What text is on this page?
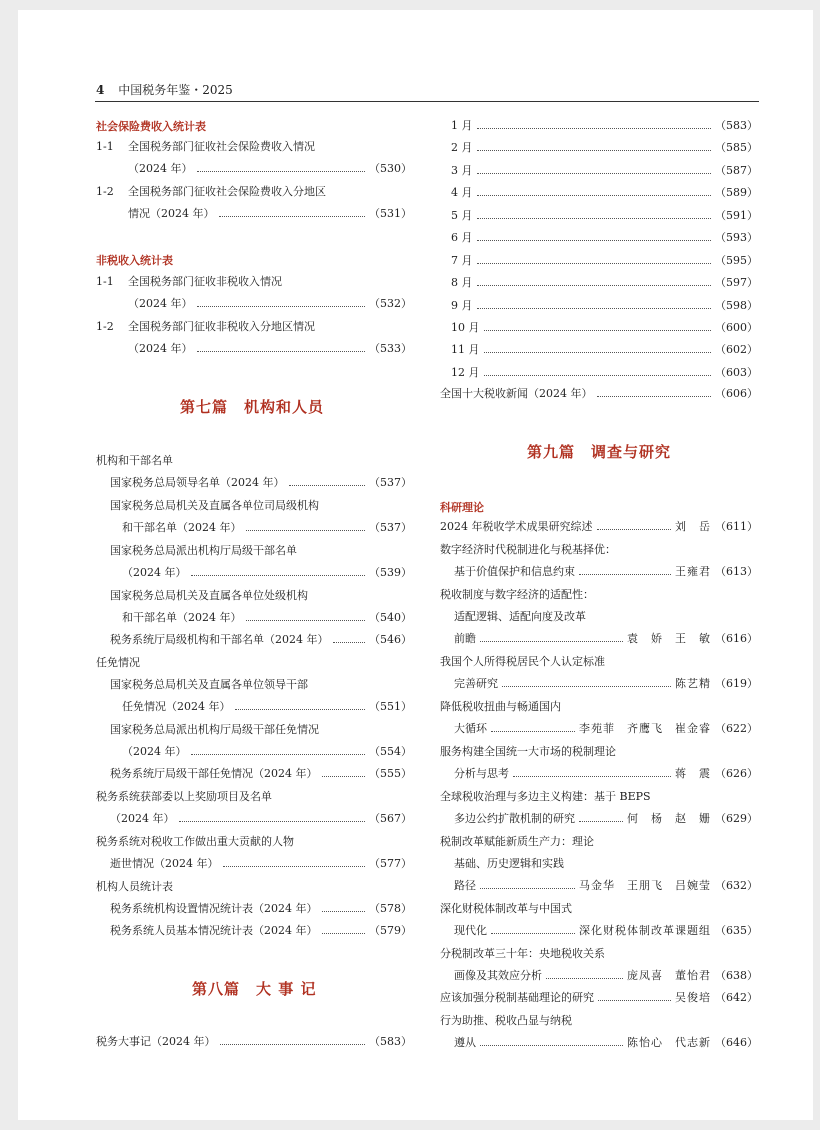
4 中国税务年鉴・2025
社会保险费收入统计表
1-1 全国税务部门征收社会保险费收入情况
（2024 年）	（530）
1-2 全国税务部门征收社会保险费收入分地区
情况（2024 年）	（531）
非税收入统计表
1-1 全国税务部门征收非税收入情况
（2024 年）	（532）
1-2 全国税务部门征收非税收入分地区情况
（2024 年）	（533）
第七篇　机构和人员
机构和干部名单
国家税务总局领导名单（2024 年）	（537）
国家税务总局机关及直属各单位司局级机构
和干部名单（2024 年）	（537）
国家税务总局派出机构厅局级干部名单
（2024 年）	（539）
国家税务总局机关及直属各单位处级机构
和干部名单（2024 年）	（540）
税务系统厅局级机构和干部名单（2024 年）	（546）
任免情况
国家税务总局机关及直属各单位领导干部
任免情况（2024 年）	（551）
国家税务总局派出机构厅局级干部任免情况
（2024 年）	（554）
税务系统厅局级干部任免情况（2024 年）	（555）
税务系统获部委以上奖励项目及名单
（2024 年）	（567）
税务系统对税收工作做出重大贡献的人物
逝世情况（2024 年）	（577）
机构人员统计表
税务系统机构设置情况统计表（2024 年）	（578）
税务系统人员基本情况统计表（2024 年）	（579）
第八篇　大 事 记
税务大事记（2024 年）	（583）
1 月	（583）
2 月	（585）
3 月	（587）
4 月	（589）
5 月	（591）
6 月	（593）
7 月	（595）
8 月	（597）
9 月	（598）
10 月	（600）
11 月	（602）
12 月	（603）
全国十大税收新闻（2024 年）	（606）
第九篇　调查与研究
科研理论
2024 年税收学术成果研究综述	刘　岳 （611）
数字经济时代税制进化与税基择优：
基于价值保护和信息约束	王雍君 （613）
税收制度与数字经济的适配性：
适配逻辑、适配向度及改革
前瞻	袁　娇　王　敏 （616）
我国个人所得税居民个人认定标准
完善研究	陈艺精 （619）
降低税收扭曲与畅通国内
大循环	李苑菲　齐鹰飞　崔金睿 （622）
服务构建全国统一大市场的税制理论
分析与思考	蒋　震 （626）
全球税收治理与多边主义构建：基于 BEPS
多边公约扩散机制的研究	何　杨　赵　姗 （629）
税制改革赋能新质生产力：理论
基础、历史逻辑和实践
路径	马金华　王朋飞　吕婉莹 （632）
深化财税体制改革与中国式
现代化	深化财税体制改革课题组 （635）
分税制改革三十年：央地税收关系
画像及其效应分析	庞凤喜　董怡君 （638）
应该加强分税制基础理论的研究	吴俊培 （642）
行为助推、税收凸显与纳税
遵从	陈怡心　代志新 （646）
